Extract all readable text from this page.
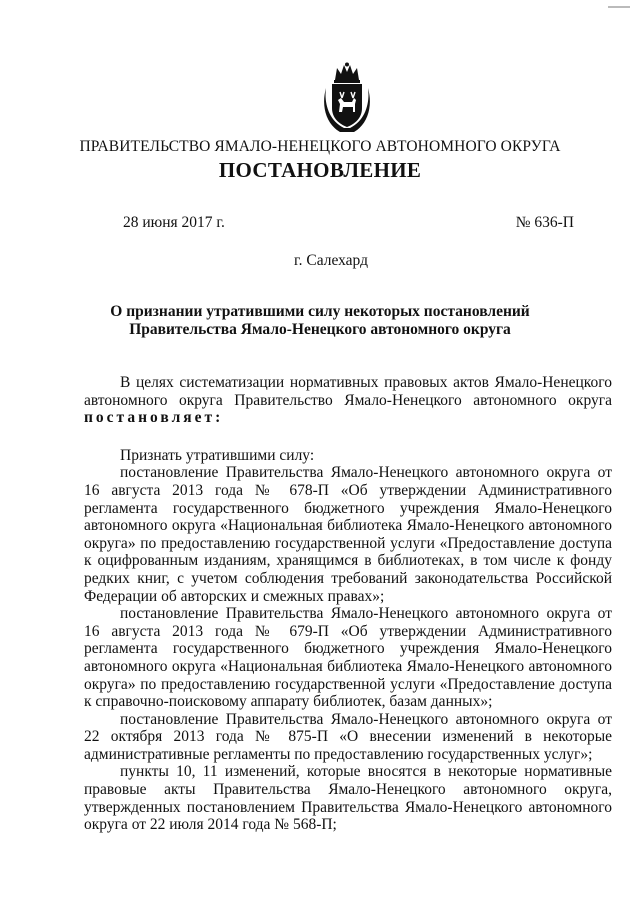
ПРАВИТЕЛЬСТВО ЯМАЛО-НЕНЕЦКОГО АВТОНОМНОГО ОКРУГА
ПОСТАНОВЛЕНИЕ
28 июня 2017 г.	№ 636-П
г. Салехард
О признании утратившими силу некоторых постановлений
Правительства Ямало-Ненецкого автономного округа

В целях систематизации нормативных правовых актов Ямало-Ненецкого автономного округа Правительство Ямало-Ненецкого автономного округа постановляет:

Признать утратившими силу:

постановление Правительства Ямало-Ненецкого автономного округа от 16 августа 2013 года № 678-П «Об утверждении Административного регламента государственного бюджетного учреждения Ямало-Ненецкого автономного округа «Национальная библиотека Ямало-Ненецкого автономного округа» по предоставлению государственной услуги «Предоставление доступа к оцифрованным изданиям, хранящимся в библиотеках, в том числе к фонду редких книг, с учетом соблюдения требований законодательства Российской Федерации об авторских и смежных правах»;

постановление Правительства Ямало-Ненецкого автономного округа от 16 августа 2013 года № 679-П «Об утверждении Административного регламента государственного бюджетного учреждения Ямало-Ненецкого автономного округа «Национальная библиотека Ямало-Ненецкого автономного округа» по предоставлению государственной услуги «Предоставление доступа к справочно-поисковому аппарату библиотек, базам данных»;

постановление Правительства Ямало-Ненецкого автономного округа от 22 октября 2013 года № 875-П «О внесении изменений в некоторые административные регламенты по предоставлению государственных услуг»;

пункты 10, 11 изменений, которые вносятся в некоторые нормативные правовые акты Правительства Ямало-Ненецкого автономного округа, утвержденных постановлением Правительства Ямало-Ненецкого автономного округа от 22 июля 2014 года № 568-П;
